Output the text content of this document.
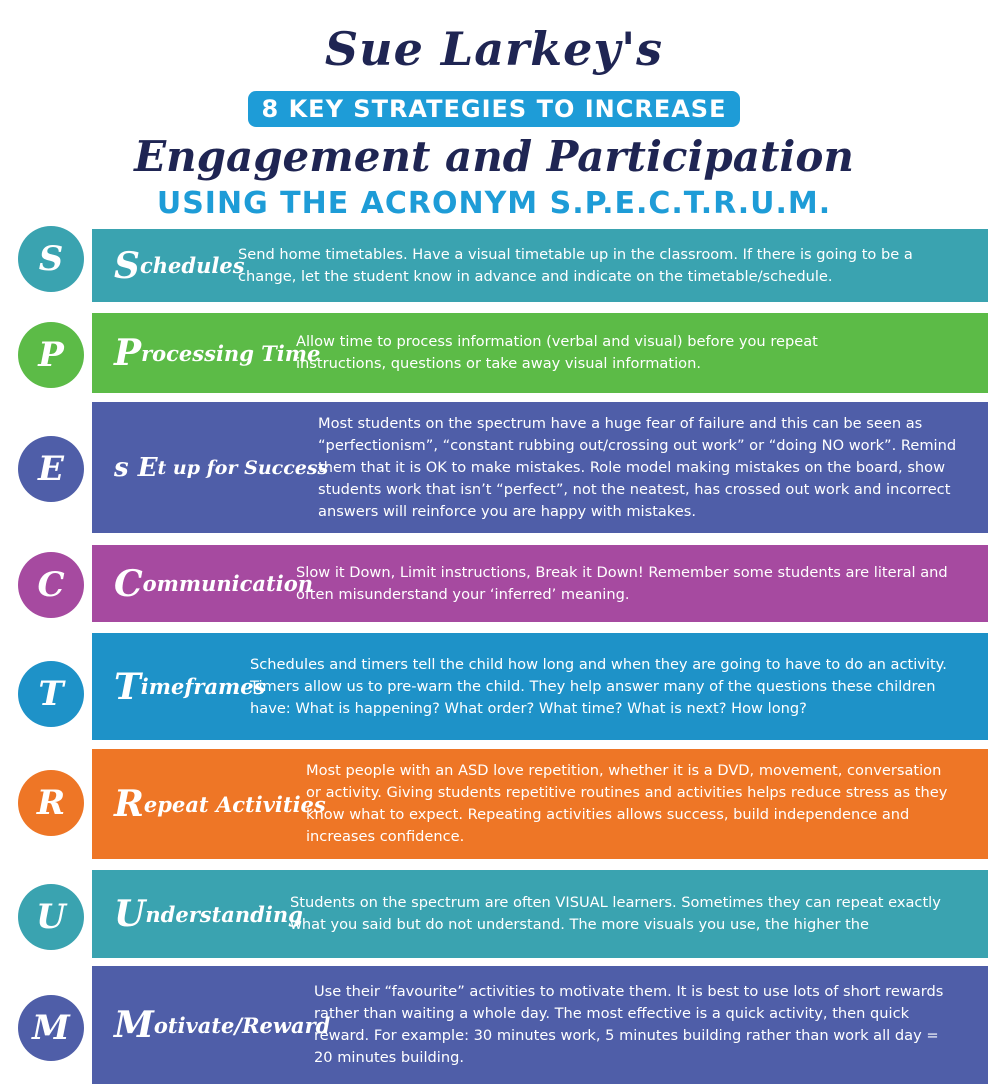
Sue Larkey's
8 KEY STRATEGIES TO INCREASE
Engagement and Participation
USING THE ACRONYM S.P.E.C.T.R.U.M.
S	S chedules
Send home timetables. Have a visual timetable up in the classroom. If there is going to be a change, let the student know in advance and indicate on the timetable/schedule.
P	P rocessing Time
Allow time to process information (verbal and visual) before you repeat instructions, questions or take away visual information.
E	s E t up for Success
Most students on the spectrum have a huge fear of failure and this can be seen as “perfectionism”, “constant rubbing out/crossing out work” or “doing NO work”. Remind them that it is OK to make mistakes. Role model making mistakes on the board, show students work that isn’t “perfect”, not the neatest, has crossed out work and incorrect answers will reinforce you are happy with mistakes.
C	C ommunication
Slow it Down, Limit instructions, Break it Down! Remember some students are literal and often misunderstand your ‘inferred’ meaning.
T	T imeframes
Schedules and timers tell the child how long and when they are going to have to do an activity. Timers allow us to pre-warn the child. They help answer many of the questions these children have: What is happening? What order? What time? What is next? How long?
R	R epeat Activities
Most people with an ASD love repetition, whether it is a DVD, movement, conversation or activity. Giving students repetitive routines and activities helps reduce stress as they know what to expect. Repeating activities allows success, build independence and increases confidence.
U	U nderstanding
Students on the spectrum are often VISUAL learners. Sometimes they can repeat exactly what you said but do not understand. The more visuals you use, the higher the
M	M otivate/Reward
Use their “favourite” activities to motivate them. It is best to use lots of short rewards rather than waiting a whole day. The most effective is a quick activity, then quick reward. For example: 30 minutes work, 5 minutes building rather than work all day = 20 minutes building.
